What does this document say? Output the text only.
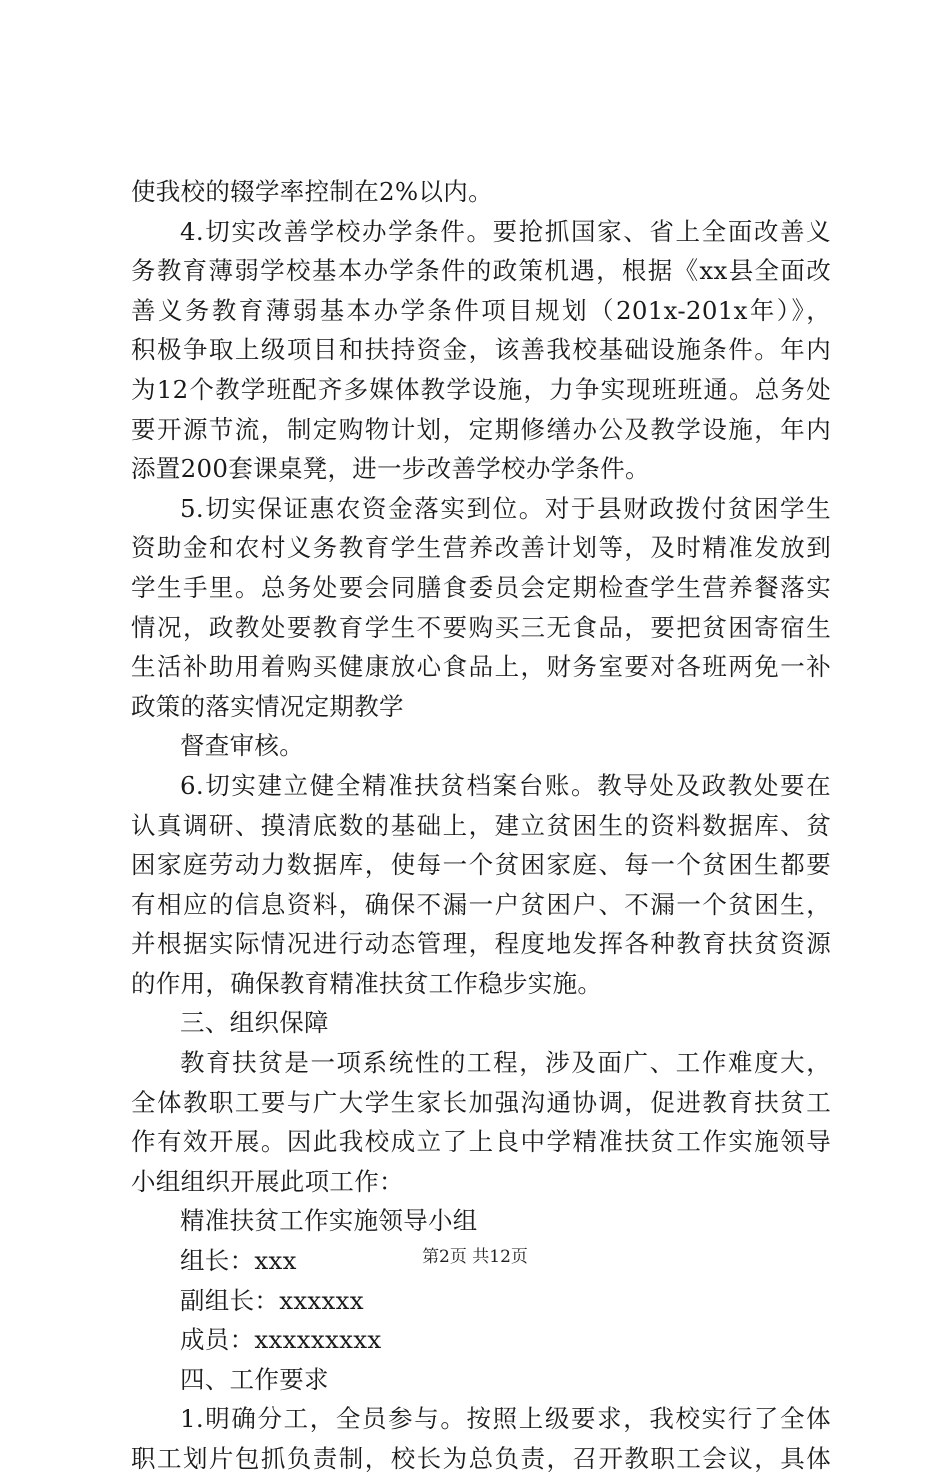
使我校的辍学率控制在2%以内。
4.切实改善学校办学条件。要抢抓国家、省上全面改善义
务教育薄弱学校基本办学条件的政策机遇，根据《xx县全面改
善义务教育薄弱基本办学条件项目规划（201x-201x年）》，
积极争取上级项目和扶持资金，该善我校基础设施条件。年内
为12个教学班配齐多媒体教学设施，力争实现班班通。总务处
要开源节流，制定购物计划，定期修缮办公及教学设施，年内
添置200套课桌凳，进一步改善学校办学条件。
5.切实保证惠农资金落实到位。对于县财政拨付贫困学生
资助金和农村义务教育学生营养改善计划等，及时精准发放到
学生手里。总务处要会同膳食委员会定期检查学生营养餐落实
情况，政教处要教育学生不要购买三无食品，要把贫困寄宿生
生活补助用着购买健康放心食品上，财务室要对各班两免一补
政策的落实情况定期教学
督查审核。
6.切实建立健全精准扶贫档案台账。教导处及政教处要在
认真调研、摸清底数的基础上，建立贫困生的资料数据库、贫
困家庭劳动力数据库，使每一个贫困家庭、每一个贫困生都要
有相应的信息资料，确保不漏一户贫困户、不漏一个贫困生，
并根据实际情况进行动态管理，程度地发挥各种教育扶贫资源
的作用，确保教育精准扶贫工作稳步实施。
三、组织保障
教育扶贫是一项系统性的工程，涉及面广、工作难度大，
全体教职工要与广大学生家长加强沟通协调，促进教育扶贫工
作有效开展。因此我校成立了上良中学精准扶贫工作实施领导
小组组织开展此项工作：
精准扶贫工作实施领导小组
组长：xxx
副组长：xxxxxx
成员：xxxxxxxxx
四、工作要求
1.明确分工，全员参与。按照上级要求，我校实行了全体
职工划片包抓负责制，校长为总负责，召开教职工会议，具体
第2页 共12页
